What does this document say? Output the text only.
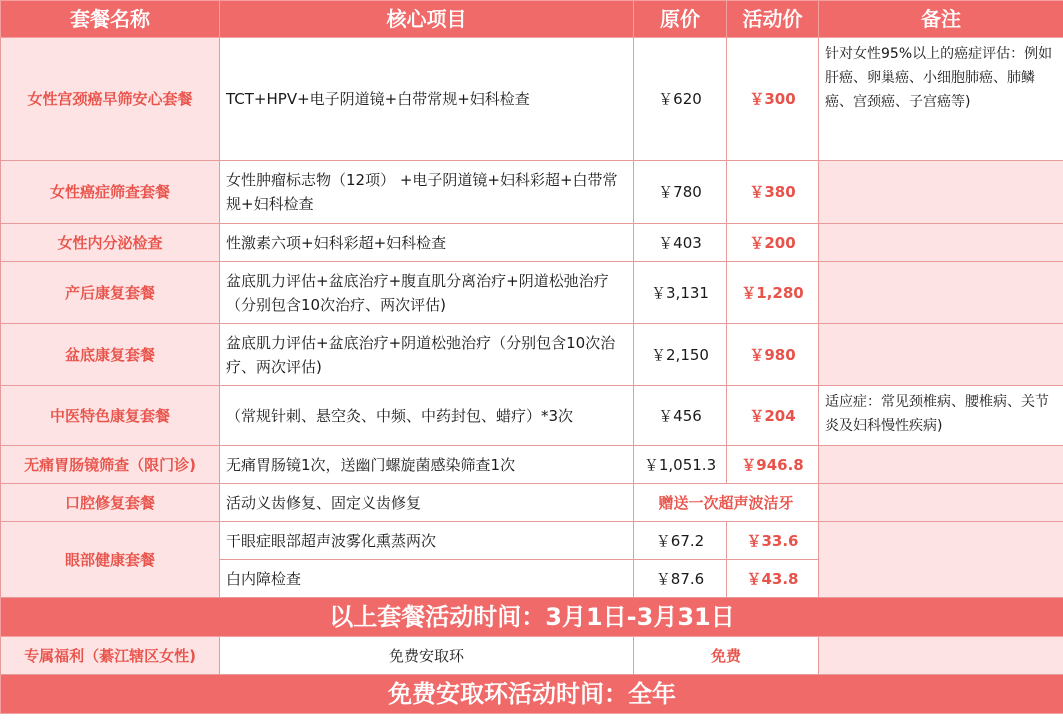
套餐名称	核心项目	原价	活动价	备注
女性宫颈癌早筛安心套餐	TCT+HPV+电子阴道镜+白带常规+妇科检查	￥620	￥300	针对女性95%以上的癌症评估：例如肝癌、卵巢癌、小细胞肺癌、肺鳞癌、宫颈癌、子宫癌等)
女性癌症筛查套餐	女性肿瘤标志物（12项） +电子阴道镜+妇科彩超+白带常规+妇科检查	￥780	￥380	
女性内分泌检查	性激素六项+妇科彩超+妇科检查	￥403	￥200	
产后康复套餐	盆底肌力评估+盆底治疗+腹直肌分离治疗+阴道松弛治疗（分别包含10次治疗、两次评估)	￥3,131	￥1,280	
盆底康复套餐	盆底肌力评估+盆底治疗+阴道松弛治疗（分别包含10次治疗、两次评估)	￥2,150	￥980	
中医特色康复套餐	（常规针刺、悬空灸、中频、中药封包、蜡疗）*3次	￥456	￥204	适应症：常见颈椎病、腰椎病、关节炎及妇科慢性疾病)
无痛胃肠镜筛查（限门诊)	无痛胃肠镜1次，送幽门螺旋菌感染筛查1次	￥1,051.3	￥946.8	
口腔修复套餐	活动义齿修复、固定义齿修复	赠送一次超声波洁牙		
眼部健康套餐	干眼症眼部超声波雾化熏蒸两次	￥67.2	￥33.6	
	白内障检查	￥87.6	￥43.8	
以上套餐活动时间：3月1日-3月31日				
专属福利（綦江辖区女性)	免费安取环	免费		
免费安取环活动时间：全年				
